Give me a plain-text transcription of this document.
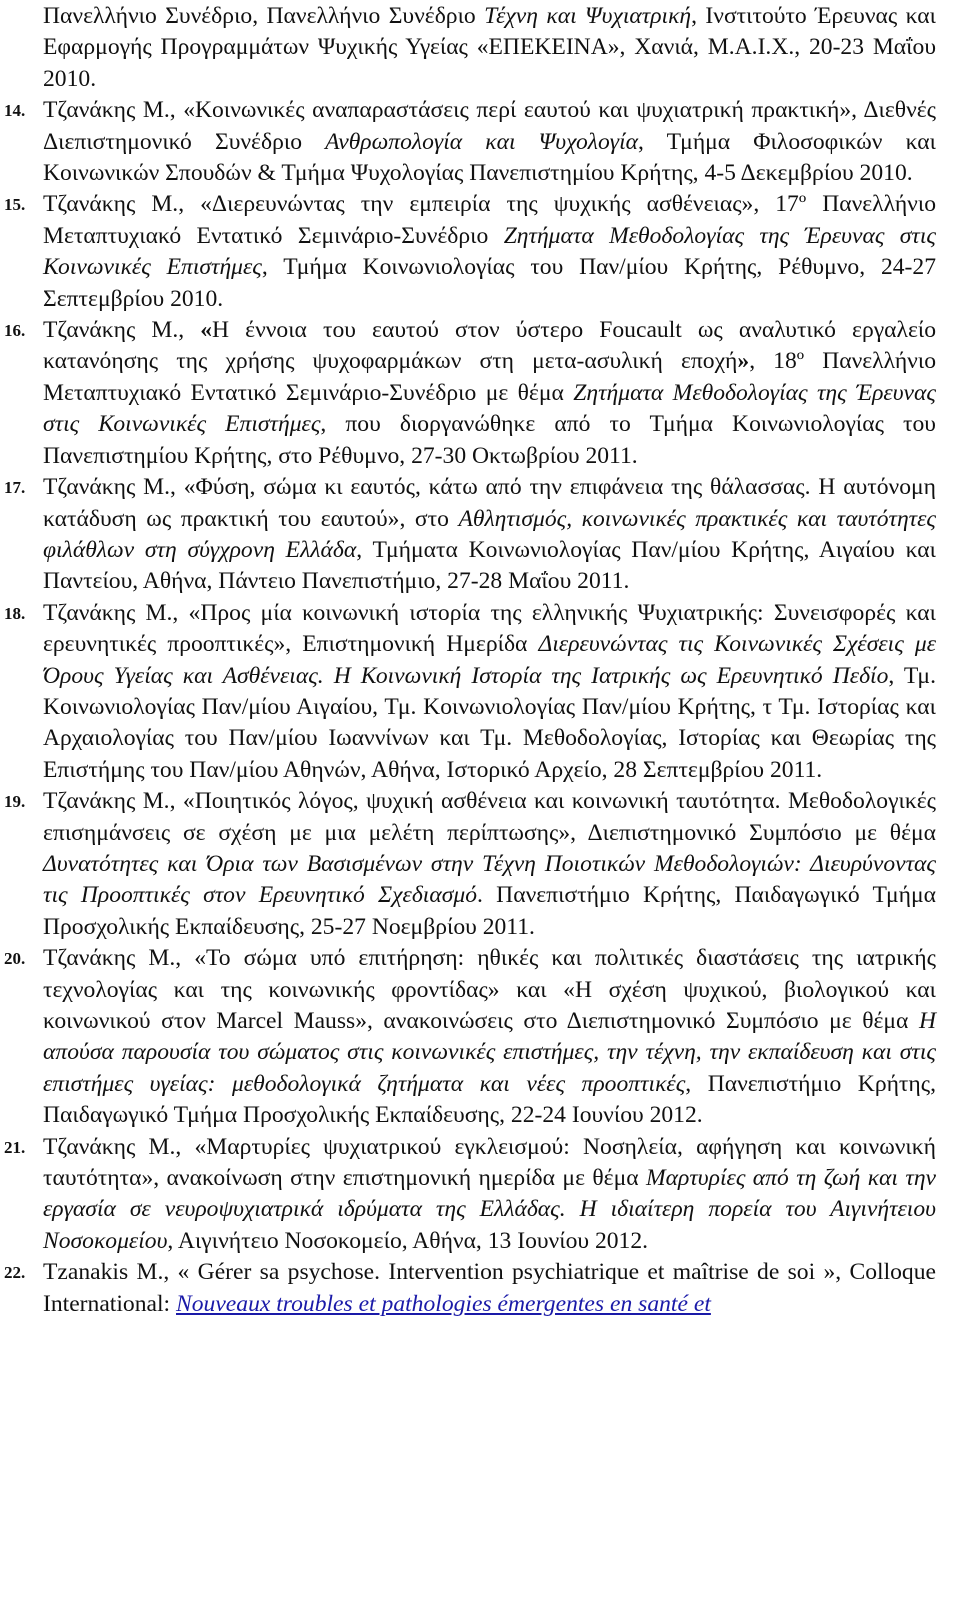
Πανελλήνιο Συνέδριο, Πανελλήνιο Συνέδριο Τέχνη και Ψυχιατρική, Ινστιτούτο Έρευνας και Εφαρμογής Προγραμμάτων Ψυχικής Υγείας «ΕΠΕΚΕΙΝΑ», Χανιά, Μ.Α.Ι.Χ., 20-23 Μαΐου 2010.

14. Τζανάκης Μ., «Κοινωνικές αναπαραστάσεις περί εαυτού και ψυχιατρική πρακτική», Διεθνές Διεπιστημονικό Συνέδριο Ανθρωπολογία και Ψυχολογία, Τμήμα Φιλοσοφικών και Κοινωνικών Σπουδών & Τμήμα Ψυχολογίας Πανεπιστημίου Κρήτης, 4-5 Δεκεμβρίου 2010.

15. Τζανάκης Μ., «Διερευνώντας την εμπειρία της ψυχικής ασθένειας», 17º Πανελλήνιο Μεταπτυχιακό Εντατικό Σεμινάριο-Συνέδριο Ζητήματα Μεθοδολογίας της Έρευνας στις Κοινωνικές Επιστήμες, Τμήμα Κοινωνιολογίας του Παν/μίου Κρήτης, Ρέθυμνο, 24-27 Σεπτεμβρίου 2010.

16. Τζανάκης Μ., «Η έννοια του εαυτού στον ύστερο Foucault ως αναλυτικό εργαλείο κατανόησης της χρήσης ψυχοφαρμάκων στη μετα-ασυλική εποχή», 18º Πανελλήνιο Μεταπτυχιακό Εντατικό Σεμινάριο-Συνέδριο με θέμα Ζητήματα Μεθοδολογίας της Έρευνας στις Κοινωνικές Επιστήμες, που διοργανώθηκε από το Τμήμα Κοινωνιολογίας του Πανεπιστημίου Κρήτης, στο Ρέθυμνο, 27-30 Οκτωβρίου 2011.

17. Τζανάκης Μ., «Φύση, σώμα κι εαυτός, κάτω από την επιφάνεια της θάλασσας. Η αυτόνομη κατάδυση ως πρακτική του εαυτού», στο Αθλητισμός, κοινωνικές πρακτικές και ταυτότητες φιλάθλων στη σύγχρονη Ελλάδα, Τμήματα Κοινωνιολογίας Παν/μίου Κρήτης, Αιγαίου και Παντείου, Αθήνα, Πάντειο Πανεπιστήμιο, 27-28 Μαΐου 2011.

18. Τζανάκης Μ., «Προς μία κοινωνική ιστορία της ελληνικής Ψυχιατρικής: Συνεισφορές και ερευνητικές προοπτικές», Επιστημονική Ημερίδα Διερευνώντας τις Κοινωνικές Σχέσεις με Όρους Υγείας και Ασθένειας. Η Κοινωνική Ιστορία της Ιατρικής ως Ερευνητικό Πεδίο, Τμ. Κοινωνιολογίας Παν/μίου Αιγαίου, Τμ. Κοινωνιολογίας Παν/μίου Κρήτης, τ Τμ. Ιστορίας και Αρχαιολογίας του Παν/μίου Ιωαννίνων και Τμ. Μεθοδολογίας, Ιστορίας και Θεωρίας της Επιστήμης του Παν/μίου Αθηνών, Αθήνα, Ιστορικό Αρχείο, 28 Σεπτεμβρίου 2011.

19. Τζανάκης Μ., «Ποιητικός λόγος, ψυχική ασθένεια και κοινωνική ταυτότητα. Μεθοδολογικές επισημάνσεις σε σχέση με μια μελέτη περίπτωσης», Διεπιστημονικό Συμπόσιο με θέμα Δυνατότητες και Όρια των Βασισμένων στην Τέχνη Ποιοτικών Μεθοδολογιών: Διευρύνοντας τις Προοπτικές στον Ερευνητικό Σχεδιασμό. Πανεπιστήμιο Κρήτης, Παιδαγωγικό Τμήμα Προσχολικής Εκπαίδευσης, 25-27 Νοεμβρίου 2011.

20. Τζανάκης Μ., «Το σώμα υπό επιτήρηση: ηθικές και πολιτικές διαστάσεις της ιατρικής τεχνολογίας και της κοινωνικής φροντίδας» και «Η σχέση ψυχικού, βιολογικού και κοινωνικού στον Marcel Mauss», ανακοινώσεις στο Διεπιστημονικό Συμπόσιο με θέμα Η απούσα παρουσία του σώματος στις κοινωνικές επιστήμες, την τέχνη, την εκπαίδευση και στις επιστήμες υγείας: μεθοδολογικά ζητήματα και νέες προοπτικές, Πανεπιστήμιο Κρήτης, Παιδαγωγικό Τμήμα Προσχολικής Εκπαίδευσης, 22-24 Ιουνίου 2012.

21. Τζανάκης Μ., «Μαρτυρίες ψυχιατρικού εγκλεισμού: Νοσηλεία, αφήγηση και κοινωνική ταυτότητα», ανακοίνωση στην επιστημονική ημερίδα με θέμα Μαρτυρίες από τη ζωή και την εργασία σε νευροψυχιατρικά ιδρύματα της Ελλάδας. Η ιδιαίτερη πορεία του Αιγινήτειου Νοσοκομείου, Αιγινήτειο Νοσοκομείο, Αθήνα, 13 Ιουνίου 2012.

22. Tzanakis M., « Gérer sa psychose. Intervention psychiatrique et maîtrise de soi », Colloque International: Nouveaux troubles et pathologies émergentes en santé et
